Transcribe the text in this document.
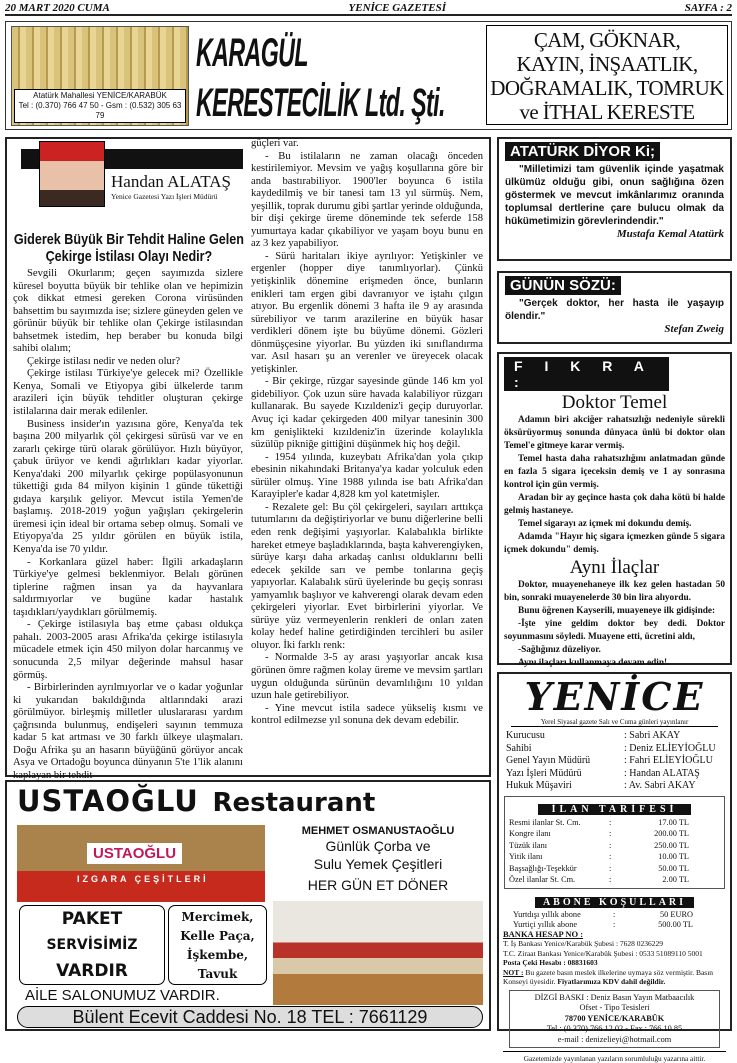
20 MART 2020 CUMA	YENİCE GAZETESİ	SAYFA : 2
Atatürk Mahallesi YENİCE/KARABÜK
Tel : (0.370) 766 47 50 - Gsm : (0.532) 305 63 79
KARAGÜL
KERESTECİLİK Ltd. Şti.
ÇAM, GÖKNAR,
KAYIN, İNŞAATLIK,
DOĞRAMALIK, TOMRUK
ve İTHAL KERESTE
Handan ALATAŞ
Yenice Gazetesi Yazı İşleri Müdürü
Giderek Büyük Bir Tehdit Haline Gelen Çekirge İstilası Olayı Nedir?

Sevgili Okurlarım; geçen sayımızda sizlere küresel boyutta büyük bir tehlike olan ve hepimizin çok dikkat etmesi gereken Corona virüsünden bahsettim bu sayımızda ise; sizlere güneyden gelen ve görünür büyük bir tehlike olan Çekirge istilasından bahsetmek istedim, hep beraber bu konuda bilgi sahibi olalım;

Çekirge istilası nedir ve neden olur?

Çekirge istilası Türkiye'ye gelecek mi? Özellikle Kenya, Somali ve Etiyopya gibi ülkelerde tarım arazileri için büyük tehditler oluşturan çekirge istilalarına dair merak edilenler.

Business insider'ın yazısına göre, Kenya'da tek başına 200 milyarlık çöl çekirgesi sürüsü var ve en zararlı çekirge türü olarak görülüyor. Hızlı büyüyor, çabuk ürüyor ve kendi ağırlıkları kadar yiyorlar. Kenya'daki 200 milyarlık çekirge popülasyonunun tükettiği gıda 84 milyon kişinin 1 günde tükettiği gıdaya karşılık geliyor. Mevcut istila Yemen'de başlamış. 2018-2019 yoğun yağışları çekirgelerin üremesi için ideal bir ortama sebep olmuş. Somali ve Etiyopya'da 25 yıldır görülen en büyük istila, Kenya'da ise 70 yıldır.

- Korkanlara güzel haber: İlgili arkadaşların Türkiye'ye gelmesi beklenmiyor. Belalı görünen tiplerine rağmen insan ya da hayvanlara saldırmıyorlar ve bugüne kadar hastalık taşıdıkları/yaydıkları görülmemiş.

- Çekirge istilasıyla baş etme çabası oldukça pahalı. 2003-2005 arası Afrika'da çekirge istilasıyla mücadele etmek için 450 milyon dolar harcanmış ve sonucunda 2,5 milyar değerinde mahsul hasar görmüş.

- Birbirlerinden ayrılmıyorlar ve o kadar yoğunlar ki yukarıdan bakıldığında altlarındaki arazi görülmüyor. birleşmiş milletler uluslararası yardım çağrısında bulunmuş, endişeleri sayının temmuza kadar 5 kat artması ve 30 farklı ülkeye ulaşmaları. Doğu Afrika şu an hasarın büyüğünü görüyor ancak Asya ve Ortadoğu boyunca dünyanın 5'te 1'lik alanını kaplayan bir tehdit

güçleri var.

- Bu istilaların ne zaman olacağı önceden kestirilemiyor. Mevsim ve yağış koşullarına göre bir anda bastırabiliyor. 1900'ler boyunca 6 istila kaydedilmiş ve bir tanesi tam 13 yıl sürmüş. Nem, yeşillik, toprak durumu gibi şartlar yerinde olduğunda, bir dişi çekirge üreme döneminde tek seferde 158 yumurtaya kadar çıkabiliyor ve yaşam boyu bunu en az 3 kez yapabiliyor.

- Sürü haritaları ikiye ayrılıyor: Yetişkinler ve ergenler (hopper diye tanımlıyorlar). Çünkü yetişkinlik dönemine erişmeden önce, bunların enikleri tam ergen gibi davranıyor ve iştahı çılgın atıyor. Bu ergenlik dönemi 3 hafta ile 9 ay arasında sürebiliyor ve tarım arazilerine en büyük hasar verdikleri dönem işte bu büyüme dönemi. Gözleri dönmüşçesine yiyorlar. Bu yüzden iki sınıflandırma var. Asıl hasarı şu an verenler ve üreyecek olacak yetişkinler.

- Bir çekirge, rüzgar sayesinde günde 146 km yol gidebiliyor. Çok uzun süre havada kalabiliyor rüzgarı kullanarak. Bu sayede Kızıldeniz'i geçip duruyorlar. Avuç içi kadar çekirgeden 400 milyar tanesinin 300 km genişlikteki kızıldeniz'in üzerinde kolaylıkla süzülüp pikniğe gittiğini düşünmek hiç hoş değil.

- 1954 yılında, kuzeybatı Afrika'dan yola çıkıp ebesinin nikahındaki Britanya'ya kadar yolculuk eden sürüler olmuş. Yine 1988 yılında ise batı Afrika'dan Karayipler'e kadar 4,828 km yol katetmişler.

- Rezalete gel: Bu çöl çekirgeleri, sayıları arttıkça tutumlarını da değiştiriyorlar ve bunu diğerlerine belli eden renk değişimi yaşıyorlar. Kalabalıkla birlikte hareket etmeye başladıklarında, başta kahverengiyken, sürüye karşı daha arkadaş canlısı olduklarını belli edecek şekilde sarı ve pembe tonlarına geçiş yapıyorlar. Kalabalık sürü üyelerinde bu geçiş sonrası yamyamlık başlıyor ve kahverengi olarak devam eden çekirgeleri yiyorlar. Evet birbirlerini yiyorlar. Ve sürüye yüz vermeyenlerin renkleri de onları zaten kolay hedef haline getirdiğinden tercihleri bu asiler oluyor. İki farklı renk:

- Normalde 3-5 ay arası yaşıyorlar ancak kısa görünen ömre rağmen kolay üreme ve mevsim şartları uygun olduğunda sürünün devamlılığını 10 yıldan uzun hale getirebiliyor.

- Yine mevcut istila sadece yükseliş kısmı ve kontrol edilmezse yıl sonuna dek devam edebilir.

ATATÜRK DİYOR Ki;
"Milletimizi tam güvenlik içinde yaşatmak ülkümüz olduğu gibi, onun sağlığına özen göstermek ve mevcut imkânlarımız oranında toplumsal dertlerine çare bulucu olmak da hükümetimizin görevlerindendir."
Mustafa Kemal Atatürk
GÜNÜN SÖZÜ:
"Gerçek doktor, her hasta ile yaşayıp ölendir."
Stefan Zweig
F I K R A :
Doktor Temel

Adamın biri akciğer rahatsızlığı nedeniyle sürekli öksürüyormuş sonunda dünyaca ünlü bi doktor olan Temel'e gitmeye karar vermiş.

Temel hasta daha rahatsızlığını anlatmadan günde en fazla 5 sigara içeceksin demiş ve 1 ay sonrasına kontrol için gün vermiş.

Aradan bir ay geçince hasta çok daha kötü bi halde gelmiş hastaneye.

Temel sigarayı az içmek mi dokundu demiş.

Adamda "Hayır hiç sigara içmezken günde 5 sigara içmek dokundu" demiş.

Aynı İlaçlar

Doktor, muayenehaneye ilk kez gelen hastadan 50 bin, sonraki muayenelerde 30 bin lira alıyordu.

Bunu öğrenen Kayserili, muayeneye ilk gidişinde:

-İşte yine geldim doktor bey dedi. Doktor soyunmasını söyledi. Muayene etti, ücretini aldı,

-Sağlığınız düzeliyor.

Aynı ilaçları kullanmaya devam edin!

YENİCE
Yerel Siyasal gazete Salı ve Cuma günleri yayınlanır
Kurucusu	: Sabri AKAY
Sahibi	: Deniz ELİEYİOĞLU
Genel Yayın Müdürü	: Fahri ELİEYİOĞLU
Yazı İşleri Müdürü	: Handan ALATAŞ
Hukuk Müşaviri	: Av. Sabri AKAY
İLAN TARİFESİ
Resmi ilanlar St. Cm.	:	17.00 TL
Kongre ilanı	:	200.00 TL
Tüzük ilanı	:	250.00 TL
Yitik ilanı	:	10.00 TL
Başsağlığı-Teşekkür	:	50.00 TL
Özel ilanlar St. Cm.	:	2.00 TL
ABONE KOŞULLARI
Yurtdışı yıllık abone	:	50 EURO
Yurtiçi yıllık abone	:	500.00 TL
BANKA HESAP NO :
T. İş Bankası Yenice/Karabük Şubesi : 7628 0236229
T.C. Ziraat Bankası Yenice/Karabük Şubesi : 0533 51089110 5001
Posta Çeki Hesabı : 08831603
NOT : Bu gazete basın meslek ilkelerine uymaya söz vermiştir. Basın Konseyi üyesidir. Fiyatlarımıza KDV dahil değildir.
DİZGİ BASKI : Deniz Basın Yayın Matbaacılık
Ofset - Tipo Tesisleri
78700 YENİCE/KARABÜK
Tel : (0.370) 766 12 02 - Fax : 766 10 85
e-mail : denizelieyi@hotmail.com
Gazetemizde yayınlanan yazıların sorumluluğu yazarına aittir.
USTAOĞLU Restaurant
USTAOĞLU
IZGARA ÇEŞİTLERİ
MEHMET OSMANUSTAOĞLU
Günlük Çorba ve
Sulu Yemek Çeşitleri
HER GÜN ET DÖNER
PAKET
SERVİSİMİZ
VARDIR
Mercimek,
Kelle Paça,
İşkembe,
Tavuk
AİLE SALONUMUZ VARDIR.
Bülent Ecevit Caddesi No. 18 TEL : 7661129
